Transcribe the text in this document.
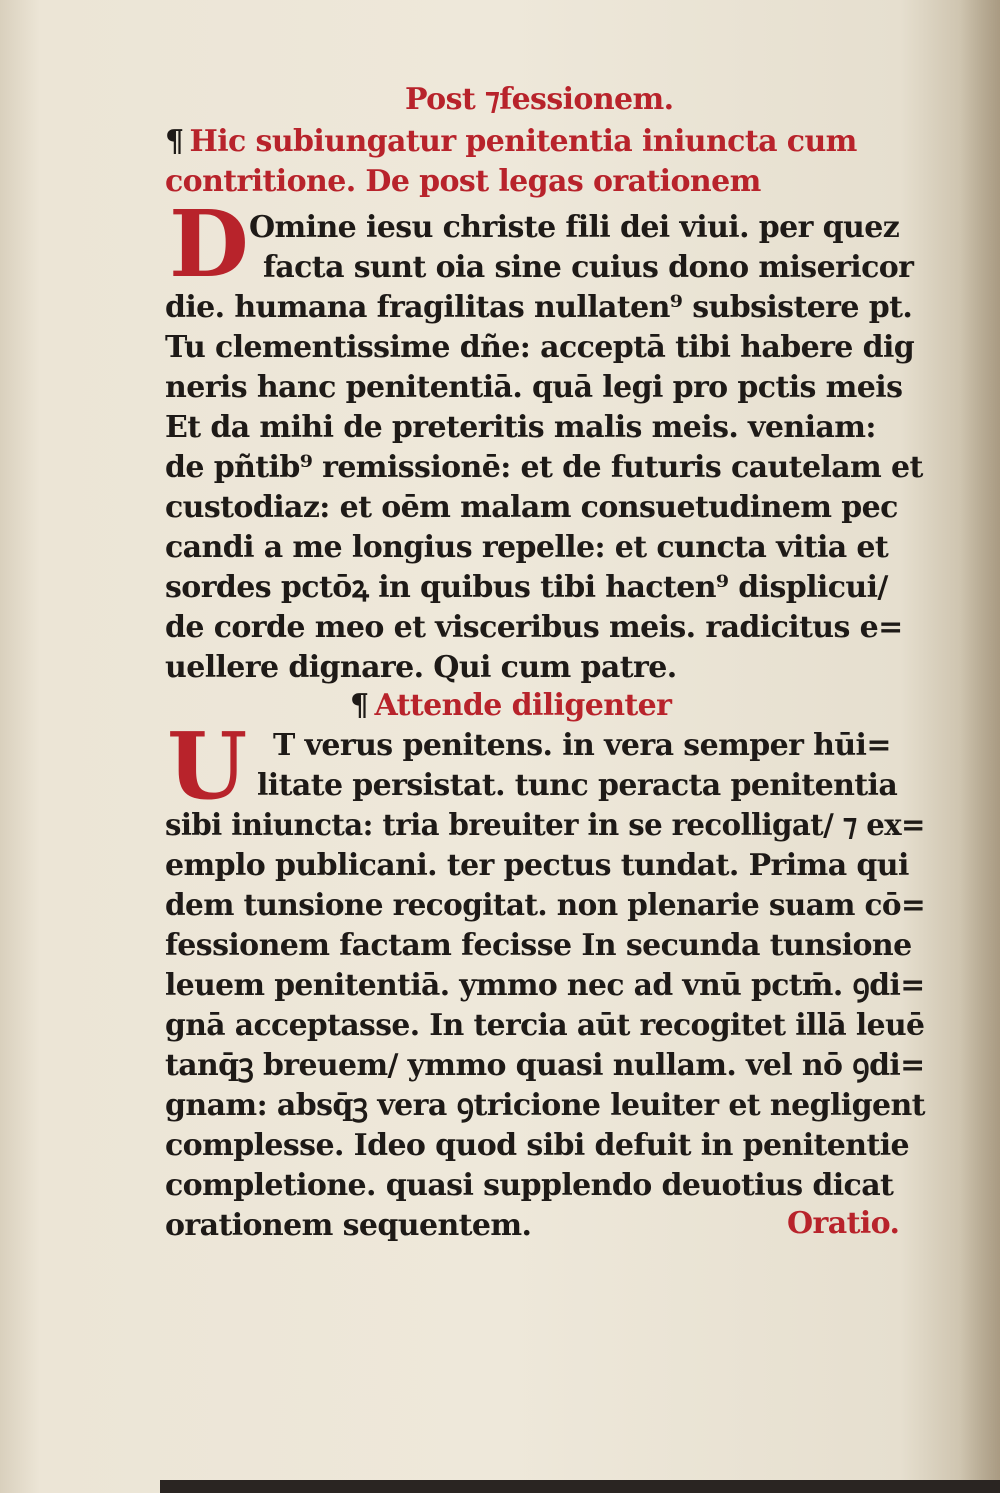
Post ⁊fessionem.
¶ Hic subiungatur penitentia iniuncta cum
contritione. De post legas orationem
D Omine iesu christe fili dei viui. per quez
facta sunt oia sine cuius dono misericor
die. humana fragilitas nullaten⁹ subsistere pt.
Tu clementissime dñe: acceptā tibi habere dig
neris hanc penitentiā. quā legi pro pctis meis
Et da mihi de preteritis malis meis. veniam:
de pñtib⁹ remissionē: et de futuris cautelam et
custodiaz: et oēm malam consuetudinem pec
candi a me longius repelle: et cuncta vitia et
sordes pctōꝝ in quibus tibi hacten⁹ displicui/
de corde meo et visceribus meis. radicitus e=
uellere dignare. Qui cum patre.
¶ Attende diligenter
U T verus penitens. in vera semper hūi=
litate persistat. tunc peracta penitentia
sibi iniuncta: tria breuiter in se recolligat/ ⁊ ex=
emplo publicani. ter pectus tundat. Prima qui
dem tunsione recogitat. non plenarie suam cō=
fessionem factam fecisse In secunda tunsione
leuem penitentiā. ymmo nec ad vnū pctm̄. ꝯdi=
gnā acceptasse. In tercia aūt recogitet illā leuē
tanq̄ꝫ breuem/ ymmo quasi nullam. vel nō ꝯdi=
gnam: absq̄ꝫ vera ꝯtricione leuiter et negligent
complesse. Ideo quod sibi defuit in penitentie
completione. quasi supplendo deuotius dicat
orationem sequentem.	Oratio.
